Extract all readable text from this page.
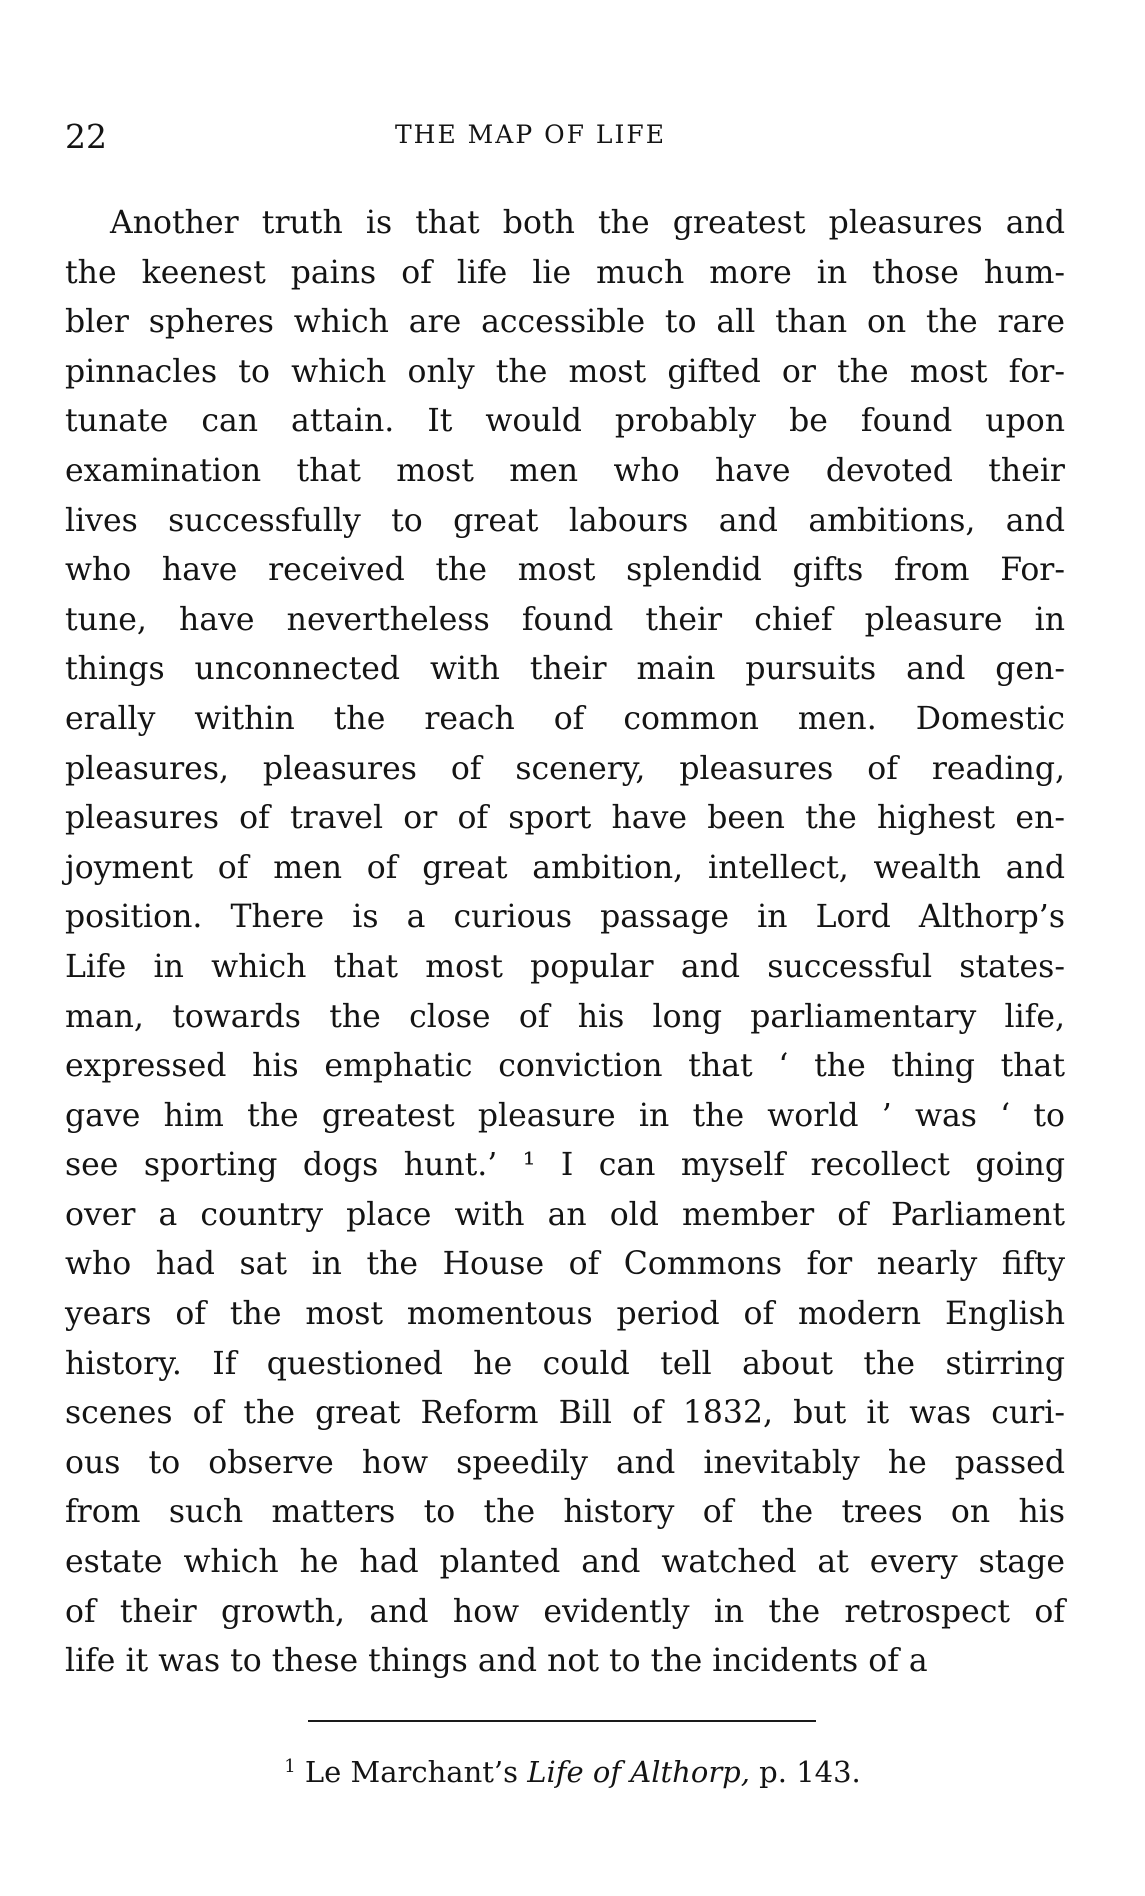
22	THE MAP OF LIFE
Another truth is that both the greatest pleasures and
the keenest pains of life lie much more in those hum-
bler spheres which are accessible to all than on the rare
pinnacles to which only the most gifted or the most for-
tunate can attain. It would probably be found upon
examination that most men who have devoted their
lives successfully to great labours and ambitions, and
who have received the most splendid gifts from For-
tune, have nevertheless found their chief pleasure in
things unconnected with their main pursuits and gen-
erally within the reach of common men. Domestic
pleasures, pleasures of scenery, pleasures of reading,
pleasures of travel or of sport have been the highest en-
joyment of men of great ambition, intellect, wealth and
position. There is a curious passage in Lord Althorp’s
Life in which that most popular and successful states-
man, towards the close of his long parliamentary life,
expressed his emphatic conviction that ‘ the thing that
gave him the greatest pleasure in the world ’ was ‘ to
see sporting dogs hunt.’ ¹ I can myself recollect going
over a country place with an old member of Parliament
who had sat in the House of Commons for nearly fifty
years of the most momentous period of modern English
history. If questioned he could tell about the stirring
scenes of the great Reform Bill of 1832, but it was curi-
ous to observe how speedily and inevitably he passed
from such matters to the history of the trees on his
estate which he had planted and watched at every stage
of their growth, and how evidently in the retrospect of
life it was to these things and not to the incidents of a
$^1$ Le Marchant’s Life of Althorp, p. 143.
